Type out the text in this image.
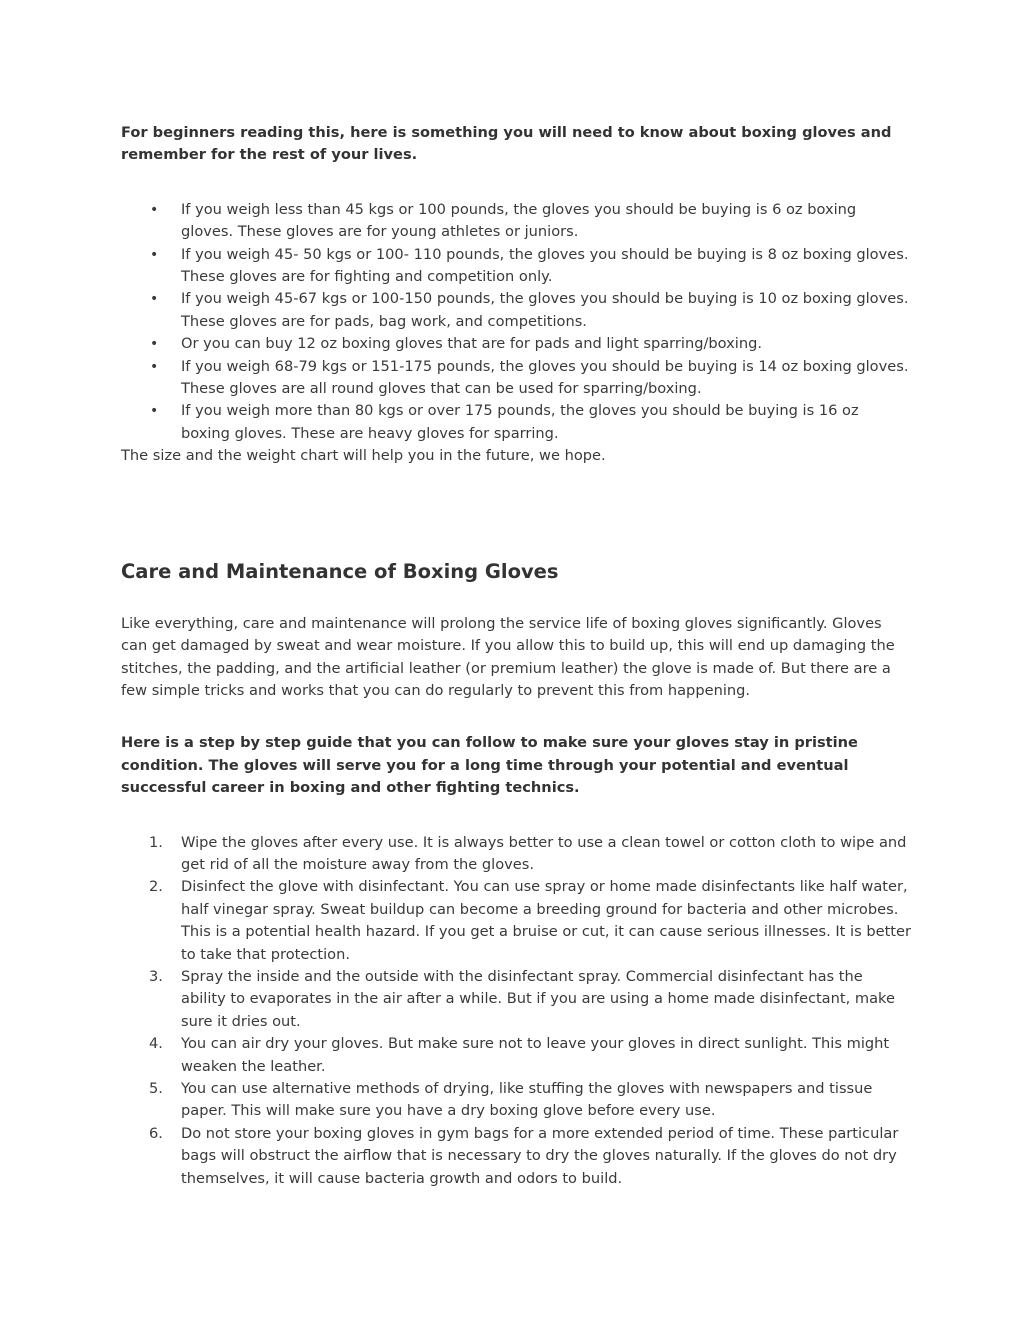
For beginners reading this, here is something you will need to know about boxing gloves and remember for the rest of your lives.

• If you weigh less than 45 kgs or 100 pounds, the gloves you should be buying is 6 oz boxing gloves. These gloves are for young athletes or juniors.
• If you weigh 45- 50 kgs or 100- 110 pounds, the gloves you should be buying is 8 oz boxing gloves. These gloves are for fighting and competition only.
• If you weigh 45-67 kgs or 100-150 pounds, the gloves you should be buying is 10 oz boxing gloves. These gloves are for pads, bag work, and competitions.
• Or you can buy 12 oz boxing gloves that are for pads and light sparring/boxing.
• If you weigh 68-79 kgs or 151-175 pounds, the gloves you should be buying is 14 oz boxing gloves. These gloves are all round gloves that can be used for sparring/boxing.
• If you weigh more than 80 kgs or over 175 pounds, the gloves you should be buying is 16 oz boxing gloves. These are heavy gloves for sparring.

The size and the weight chart will help you in the future, we hope.

Care and Maintenance of Boxing Gloves

Like everything, care and maintenance will prolong the service life of boxing gloves significantly. Gloves can get damaged by sweat and wear moisture. If you allow this to build up, this will end up damaging the stitches, the padding, and the artificial leather (or premium leather) the glove is made of. But there are a few simple tricks and works that you can do regularly to prevent this from happening.

Here is a step by step guide that you can follow to make sure your gloves stay in pristine condition. The gloves will serve you for a long time through your potential and eventual successful career in boxing and other fighting technics.

1. Wipe the gloves after every use. It is always better to use a clean towel or cotton cloth to wipe and get rid of all the moisture away from the gloves.
2. Disinfect the glove with disinfectant. You can use spray or home made disinfectants like half water, half vinegar spray. Sweat buildup can become a breeding ground for bacteria and other microbes. This is a potential health hazard. If you get a bruise or cut, it can cause serious illnesses. It is better to take that protection.
3. Spray the inside and the outside with the disinfectant spray. Commercial disinfectant has the ability to evaporates in the air after a while. But if you are using a home made disinfectant, make sure it dries out.
4. You can air dry your gloves. But make sure not to leave your gloves in direct sunlight. This might weaken the leather.
5. You can use alternative methods of drying, like stuffing the gloves with newspapers and tissue paper. This will make sure you have a dry boxing glove before every use.
6. Do not store your boxing gloves in gym bags for a more extended period of time. These particular bags will obstruct the airflow that is necessary to dry the gloves naturally. If the gloves do not dry themselves, it will cause bacteria growth and odors to build.
